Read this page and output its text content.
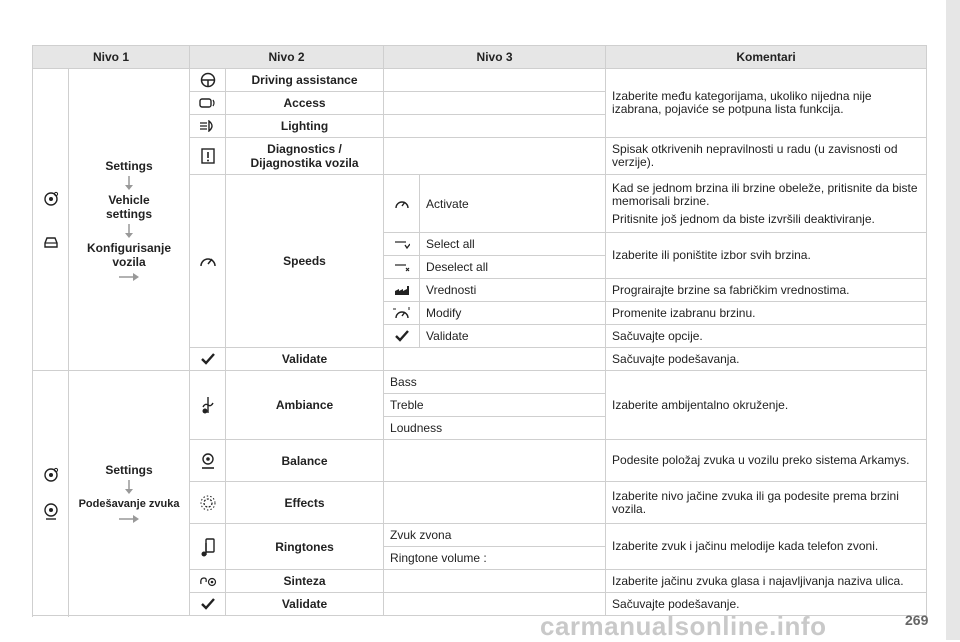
Nivo 1		Nivo 2		Nivo 3		Komentari

Settings
Vehicle settings
Konfigurisanje vozila		Driving assistance			Izaberite među kategorijama, ukoliko nijedna nije izabrana, pojaviće se potpuna lista funkcija.

	Access			

	Lighting			

	Diagnostics / Dijagnostika vozila			Spisak otkrivenih nepravilnosti u radu (u zavisnosti od verzije).

	Speeds		Activate	Kad se jednom brzina ili brzine obeleže, pritisnite da biste memorisali brzine.

Pritisnite još jednom da biste izvršili deaktiviranje.

	Select all	Izaberite ili poništite izbor svih brzina.

	Deselect all	

	Vrednosti	Prograirajte brzine sa fabričkim vrednostima.

	Modify	Promenite izabranu brzinu.

	Validate	Sačuvajte opcije.

	Validate			Sačuvajte podešavanja.

Settings
Podešavanje zvuka		Ambiance	Bass		Izaberite ambijentalno okruženje.
				Treble		
				Loudness		

	Balance			Podesite položaj zvuka u vozilu preko sistema Arkamys.

	Effects			Izaberite nivo jačine zvuka ili ga podesite prema brzini vozila.

	Ringtones	Zvuk zvona		Izaberite zvuk i jačinu melodije kada telefon zvoni.
				Ringtone volume :		

	Sinteza			Izaberite jačinu zvuka glasa i najavljivanja naziva ulica.

	Validate			Sačuvajte podešavanje.

carmanualsonline.info	269
